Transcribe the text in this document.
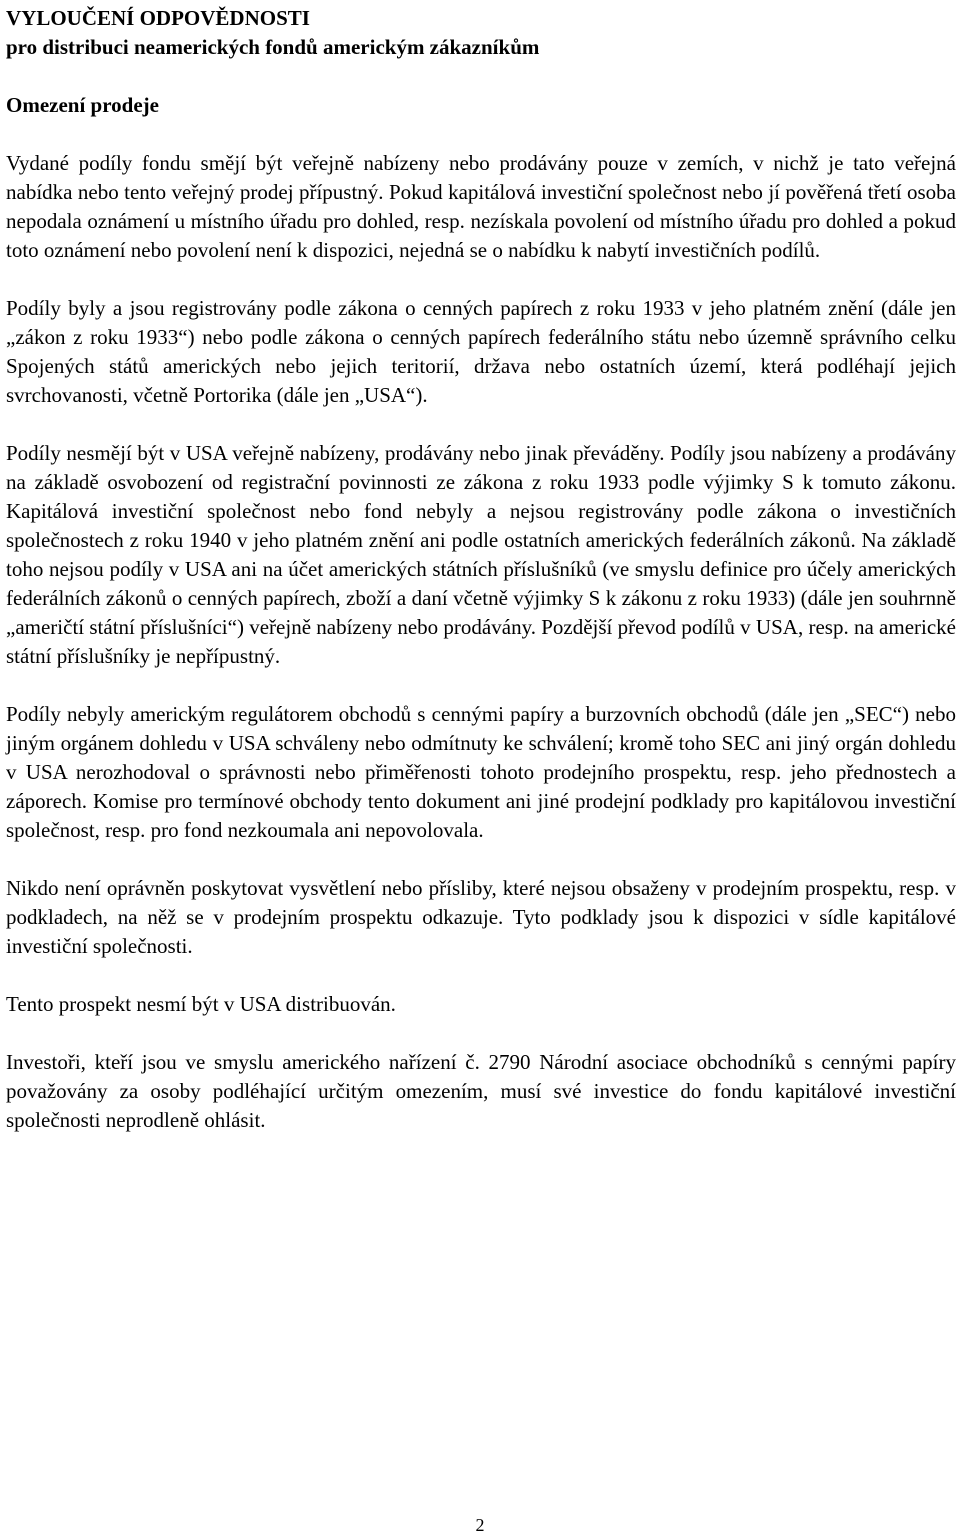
VYLOUČENÍ ODPOVĚDNOSTI
pro distribuci neamerických fondů americkým zákazníkům
Omezení prodeje

Vydané podíly fondu smějí být veřejně nabízeny nebo prodávány pouze v zemích, v nichž je tato veřejná nabídka nebo tento veřejný prodej přípustný. Pokud kapitálová investiční společnost nebo jí pověřená třetí osoba nepodala oznámení u místního úřadu pro dohled, resp. nezískala povolení od místního úřadu pro dohled a pokud toto oznámení nebo povolení není k dispozici, nejedná se o nabídku k nabytí investičních podílů.

Podíly byly a jsou registrovány podle zákona o cenných papírech z roku 1933 v jeho platném znění (dále jen „zákon z roku 1933“) nebo podle zákona o cenných papírech federálního státu nebo územně správního celku Spojených států amerických nebo jejich teritorií, država nebo ostatních území, která podléhají jejich svrchovanosti, včetně Portorika (dále jen „USA“).

Podíly nesmějí být v USA veřejně nabízeny, prodávány nebo jinak převáděny. Podíly jsou nabízeny a prodávány na základě osvobození od registrační povinnosti ze zákona z roku 1933 podle výjimky S k tomuto zákonu. Kapitálová investiční společnost nebo fond nebyly a nejsou registrovány podle zákona o investičních společnostech z roku 1940 v jeho platném znění ani podle ostatních amerických federálních zákonů. Na základě toho nejsou podíly v USA ani na účet amerických státních příslušníků (ve smyslu definice pro účely amerických federálních zákonů o cenných papírech, zboží a daní včetně výjimky S k zákonu z roku 1933) (dále jen souhrnně „američtí státní příslušníci“) veřejně nabízeny nebo prodávány. Pozdější převod podílů v USA, resp. na americké státní příslušníky je nepřípustný.

Podíly nebyly americkým regulátorem obchodů s cennými papíry a burzovních obchodů (dále jen „SEC“) nebo jiným orgánem dohledu v USA schváleny nebo odmítnuty ke schválení; kromě toho SEC ani jiný orgán dohledu v USA nerozhodoval o správnosti nebo přiměřenosti tohoto prodejního prospektu, resp. jeho přednostech a záporech. Komise pro termínové obchody tento dokument ani jiné prodejní podklady pro kapitálovou investiční společnost, resp. pro fond nezkoumala ani nepovolovala.

Nikdo není oprávněn poskytovat vysvětlení nebo přísliby, které nejsou obsaženy v prodejním prospektu, resp. v podkladech, na něž se v prodejním prospektu odkazuje. Tyto podklady jsou k dispozici v sídle kapitálové investiční společnosti.

Tento prospekt nesmí být v USA distribuován.

Investoři, kteří jsou ve smyslu amerického nařízení č. 2790 Národní asociace obchodníků s cennými papíry považovány za osoby podléhající určitým omezením, musí své investice do fondu kapitálové investiční společnosti neprodleně ohlásit.

2
